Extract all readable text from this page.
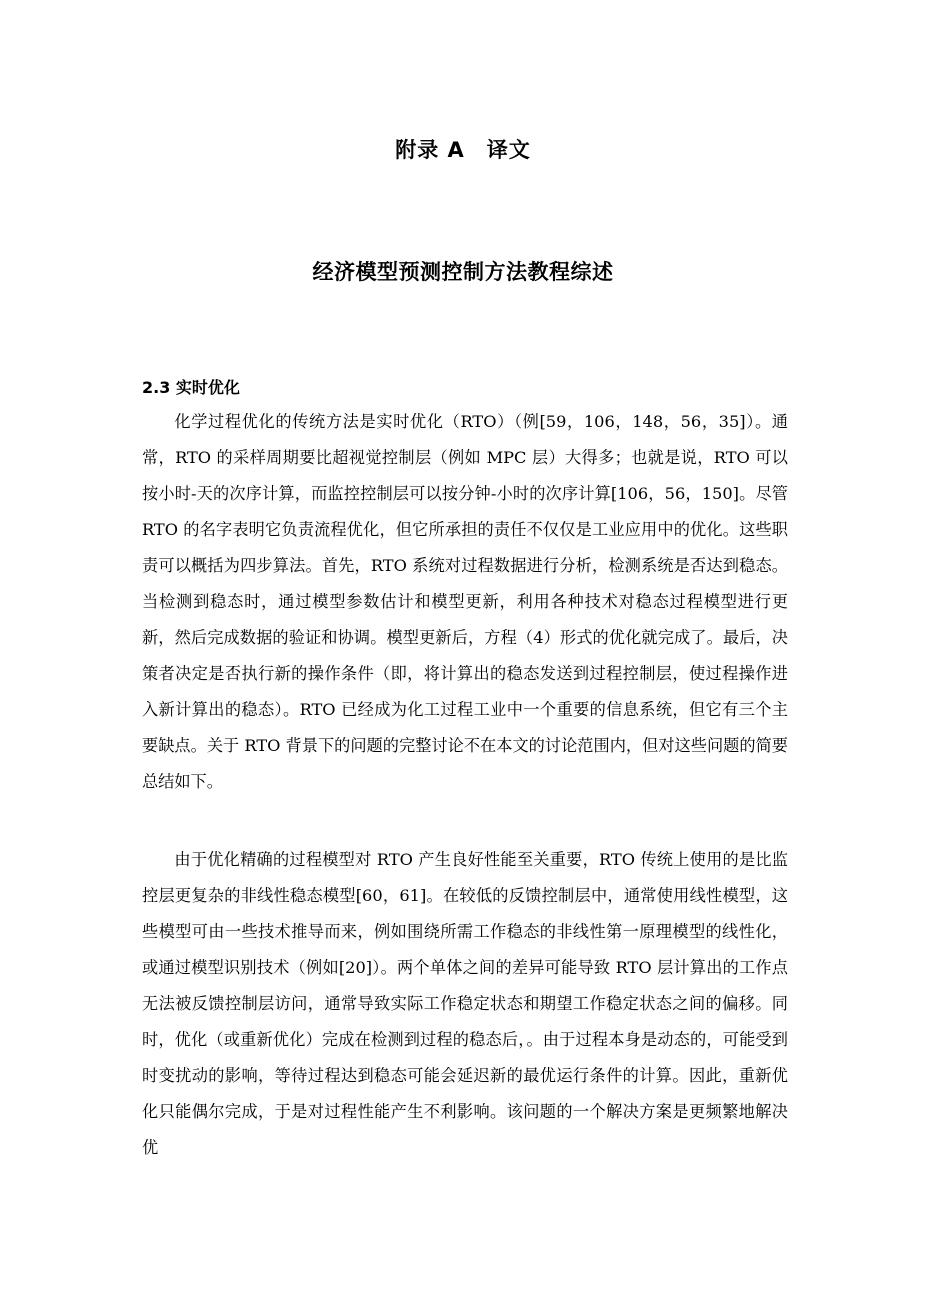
附录 A　译文
经济模型预测控制方法教程综述
2.3 实时优化

化学过程优化的传统方法是实时优化（RTO）（例[59，106，148，56，35]）。通常，RTO 的采样周期要比超视觉控制层（例如 MPC 层）大得多；也就是说，RTO 可以按小时-天的次序计算，而监控控制层可以按分钟-小时的次序计算[106，56，150]。尽管 RTO 的名字表明它负责流程优化，但它所承担的责任不仅仅是工业应用中的优化。这些职责可以概括为四步算法。首先，RTO 系统对过程数据进行分析，检测系统是否达到稳态。当检测到稳态时，通过模型参数估计和模型更新，利用各种技术对稳态过程模型进行更新，然后完成数据的验证和协调。模型更新后，方程（4）形式的优化就完成了。最后，决策者决定是否执行新的操作条件（即，将计算出的稳态发送到过程控制层，使过程操作进入新计算出的稳态）。RTO 已经成为化工过程工业中一个重要的信息系统，但它有三个主要缺点。关于 RTO 背景下的问题的完整讨论不在本文的讨论范围内，但对这些问题的简要总结如下。

由于优化精确的过程模型对 RTO 产生良好性能至关重要，RTO 传统上使用的是比监控层更复杂的非线性稳态模型[60，61]。在较低的反馈控制层中，通常使用线性模型，这些模型可由一些技术推导而来，例如围绕所需工作稳态的非线性第一原理模型的线性化，或通过模型识别技术（例如[20]）。两个单体之间的差异可能导致 RTO 层计算出的工作点无法被反馈控制层访问，通常导致实际工作稳定状态和期望工作稳定状态之间的偏移。同时，优化（或重新优化）完成在检测到过程的稳态后，。由于过程本身是动态的，可能受到时变扰动的影响，等待过程达到稳态可能会延迟新的最优运行条件的计算。因此，重新优化只能偶尔完成，于是对过程性能产生不利影响。该问题的一个解决方案是更频繁地解决优
